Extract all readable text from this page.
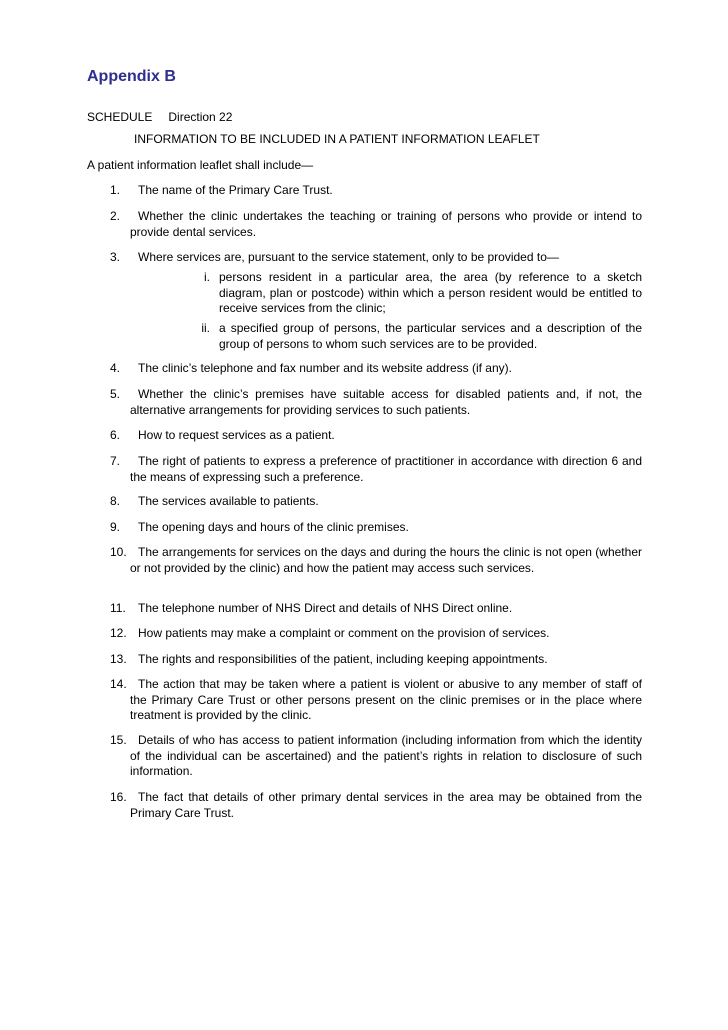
Appendix B
SCHEDULE Direction 22
INFORMATION TO BE INCLUDED IN A PATIENT INFORMATION LEAFLET
A patient information leaflet shall include—
1.	The name of the Primary Care Trust.
2.	Whether the clinic undertakes the teaching or training of persons who provide or intend to provide dental services.
3.	Where services are, pursuant to the service statement, only to be provided to—
i. persons resident in a particular area, the area (by reference to a sketch diagram, plan or postcode) within which a person resident would be entitled to receive services from the clinic;
ii. a specified group of persons, the particular services and a description of the group of persons to whom such services are to be provided.
4.	The clinic’s telephone and fax number and its website address (if any).
5.	Whether the clinic’s premises have suitable access for disabled patients and, if not, the alternative arrangements for providing services to such patients.
6.	How to request services as a patient.
7.	The right of patients to express a preference of practitioner in accordance with direction 6 and the means of expressing such a preference.
8.	The services available to patients.
9.	The opening days and hours of the clinic premises.
10. The arrangements for services on the days and during the hours the clinic is not open (whether or not provided by the clinic) and how the patient may access such services.
11.	The telephone number of NHS Direct and details of NHS Direct online.
12. How patients may make a complaint or comment on the provision of services.
13. The rights and responsibilities of the patient, including keeping appointments.
14. The action that may be taken where a patient is violent or abusive to any member of staff of the Primary Care Trust or other persons present on the clinic premises or in the place where treatment is provided by the clinic.
15. Details of who has access to patient information (including information from which the identity of the individual can be ascertained) and the patient’s rights in relation to disclosure of such information.
16. The fact that details of other primary dental services in the area may be obtained from the Primary Care Trust.
